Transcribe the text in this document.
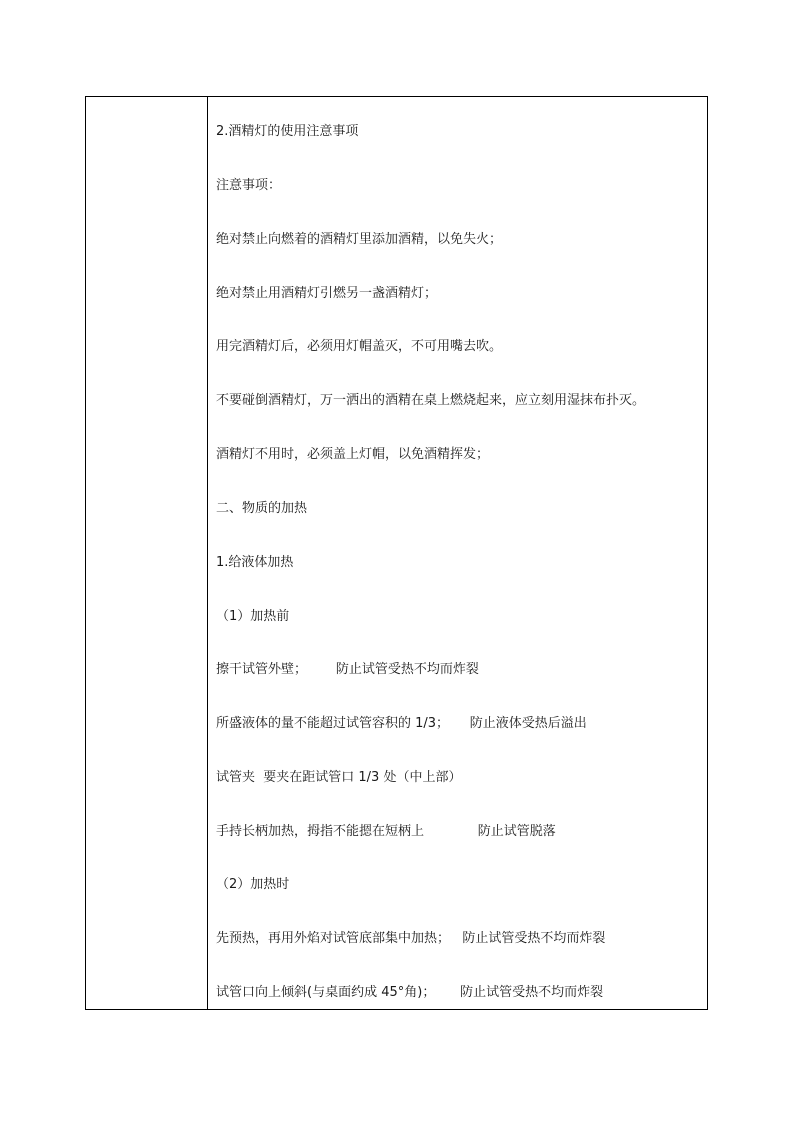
2.酒精灯的使用注意事项
注意事项：
绝对禁止向燃着的酒精灯里添加酒精，以免失火；
绝对禁止用酒精灯引燃另一盏酒精灯；
用完酒精灯后，必须用灯帽盖灭，不可用嘴去吹。
不要碰倒酒精灯，万一洒出的酒精在桌上燃烧起来，应立刻用湿抹布扑灭。
酒精灯不用时，必须盖上灯帽，以免酒精挥发；
二、物质的加热
1.给液体加热
（1）加热前
擦干试管外壁；       防止试管受热不均而炸裂
所盛液体的量不能超过试管容积的 1/3；     防止液体受热后溢出
试管夹  要夹在距试管口 1/3 处（中上部）
手持长柄加热，拇指不能摁在短柄上             防止试管脱落
（2）加热时
先预热，再用外焰对试管底部集中加热；   防止试管受热不均而炸裂
试管口向上倾斜(与桌面约成 45°角)；      防止试管受热不均而炸裂
